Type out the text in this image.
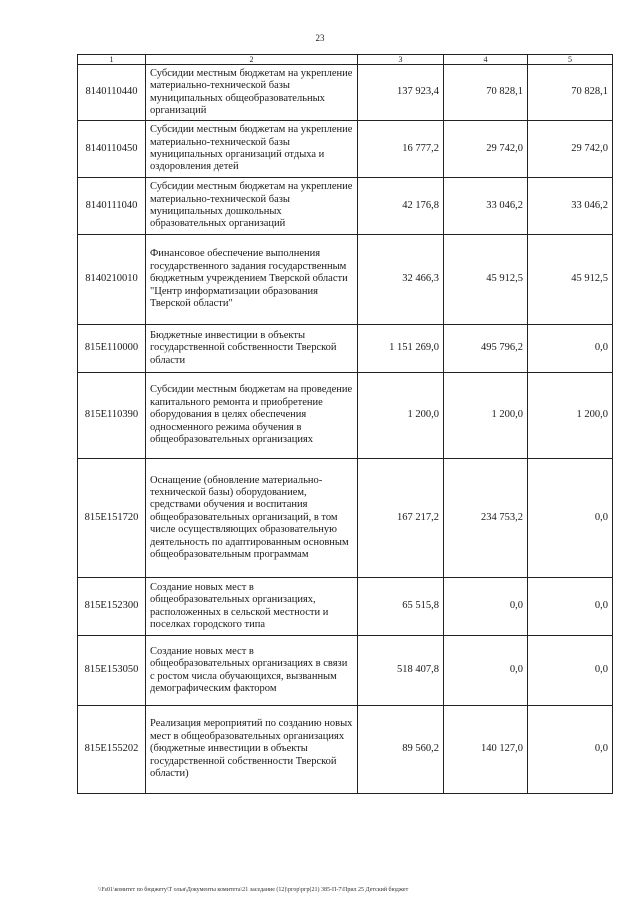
23
1	2	3	4	5
8140110440	Субсидии местным бюджетам на укрепление материально-технической базы муниципальных общеобразовательных организаций	137 923,4	70 828,1	70 828,1
8140110450	Субсидии местным бюджетам на укрепление материально-технической базы муниципальных организаций отдыха и оздоровления детей	16 777,2	29 742,0	29 742,0
8140111040	Субсидии местным бюджетам на укрепление материально-технической базы муниципальных дошкольных образовательных организаций	42 176,8	33 046,2	33 046,2
8140210010	Финансовое обеспечение выполнения государственного задания государственным бюджетным учреждением Тверской области "Центр информатизации образования Тверской области"	32 466,3	45 912,5	45 912,5
815E110000	Бюджетные инвестиции в объекты государственной собственности Тверской области	1 151 269,0	495 796,2	0,0
815E110390	Субсидии местным бюджетам на проведение капитального ремонта и приобретение оборудования в целях обеспечения односменного режима обучения в общеобразовательных организациях	1 200,0	1 200,0	1 200,0
815E151720	Оснащение (обновление материально-технической базы) оборудованием, средствами обучения и воспитания общеобразовательных организаций, в том числе осуществляющих образовательную деятельность по адаптированным основным общеобразовательным программам	167 217,2	234 753,2	0,0
815E152300	Создание новых мест в общеобразовательных организациях, расположенных в сельской местности и поселках городского типа	65 515,8	0,0	0,0
815E153050	Создание новых мест в общеобразовательных организациях в связи с ростом числа обучающихся, вызванным демографическим фактором	518 407,8	0,0	0,0
815E155202	Реализация мероприятий по созданию новых мест в общеобразовательных организациях (бюджетные инвестиции в объекты государственной собственности Тверской области)	89 560,2	140 127,0	0,0
\\Fs01\комитет по бюджету\Т олья\Документы комитета\21 заседание (12)\ргор\ргр(21) 385-П-7\Прил 25 Детский бюджет
